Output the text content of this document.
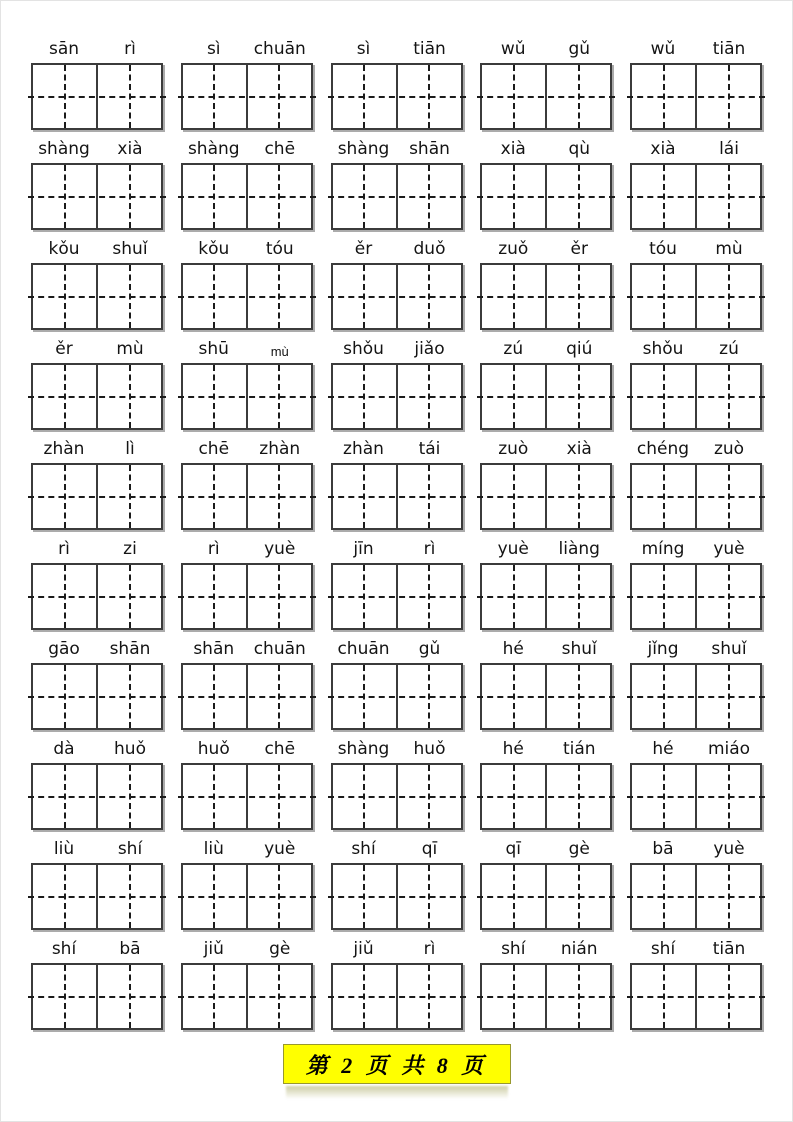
sān	rì	sì	chuān	sì	tiān	wǔ	gǔ	wǔ	tiān
shàng	xià	shàng	chē	shàng	shān	xià	qù	xià	lái
kǒu	shuǐ	kǒu	tóu	ěr	duǒ	zuǒ	ěr	tóu	mù
ěr	mù	shū	mù	shǒu	jiǎo	zú	qiú	shǒu	zú
zhàn	lì	chē	zhàn	zhàn	tái	zuò	xià	chéng	zuò
rì	zi	rì	yuè	jīn	rì	yuè	liàng	míng	yuè
gāo	shān	shān	chuān	chuān	gǔ	hé	shuǐ	jǐng	shuǐ
dà	huǒ	huǒ	chē	shàng	huǒ	hé	tián	hé	miáo
liù	shí	liù	yuè	shí	qī	qī	gè	bā	yuè
shí	bā	jiǔ	gè	jiǔ	rì	shí	nián	shí	tiān
第 2 页 共 8 页
